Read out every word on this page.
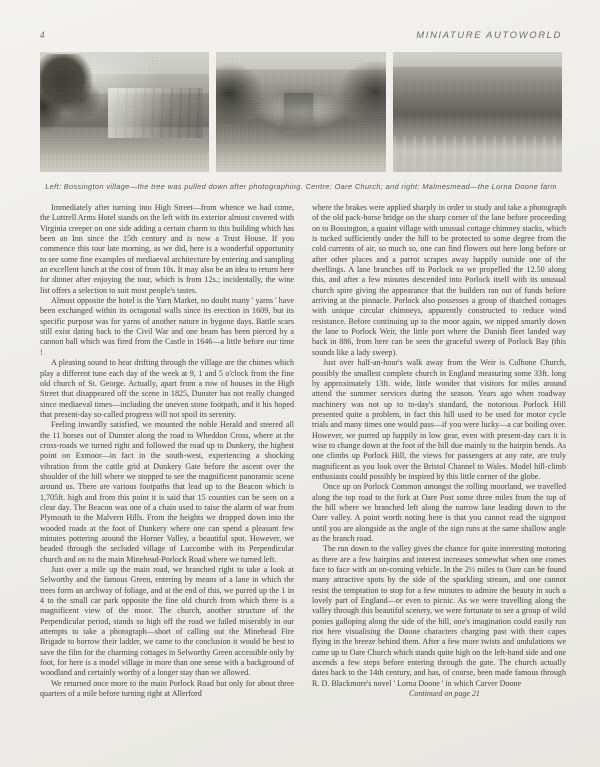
4	MINIATURE AUTOWORLD
Left: Bossington village—the tree was pulled down after photographing. Centre: Oare Church; and right: Malmesmead—the Lorna Doone farm

Immediately after turning into High Street—from whence we had come, the Luttrell Arms Hotel stands on the left with its exterior almost covered with Virginia creeper on one side adding a certain charm to this building which has been an Inn since the 15th century and is now a Trust House. If you commence this tour late morning, as we did, here is a wonderful opportunity to see some fine examples of mediaeval architecture by entering and sampling an excellent lunch at the cost of from 10s. It may also be an idea to return here for dinner after enjoying the tour, which is from 12s.; incidentally, the wine list offers a selection to suit most people's tastes.

Almost opposite the hotel is the Yarn Market, no doubt many ' yarns ' have been exchanged within its octagonal walls since its erection in 1609, but its specific purpose was for yarns of another nature in bygone days. Battle scars still exist dating back to the Civil War and one beam has been pierced by a cannon ball which was fired from the Castle in 1646—a little before our time !

A pleasing sound to hear drifting through the village are the chimes which play a different tune each day of the week at 9, 1 and 5 o'clock from the fine old church of St. George. Actually, apart from a row of houses in the High Street that disappeared off the scene in 1825, Dunster has not really changed since mediaeval times—including the uneven stone footpath, and it his hoped that present-day so-called progress will not spoil its serenity.

Feeling inwardly satisfied, we mounted the noble Herald and steered all the 11 horses out of Dunster along the road to Wheddon Cross, where at the cross-roads we turned right and followed the road up to Dunkery, the highest point on Exmoor—in fact in the south-west, experiencing a shocking vibration from the cattle grid at Dunkery Gate before the ascent over the shoulder of the hill where we stopped to see the magnificent panoramic scene around us. There are various footpaths that lead up to the Beacon which is 1,705ft. high and from this point it is said that 15 counties can be seen on a clear day. The Beacon was one of a chain used to raise the alarm of war from Plymouth to the Malvern Hills. From the heights we dropped down into the wooded roads at the foot of Dunkery where one can spend a pleasant few minutes pottering around the Horner Valley, a beautiful spot. However, we headed through the secluded village of Luccombe with its Perpendicular church and on to the main Minehead-Porlock Road where we turned left.

Just over a mile up the main road, we branched right to take a look at Selworthy and the famous Green, entering by means of a lane in which the trees form an archway of foliage, and at the end of this, we purred up the 1 in 4 to the small car park opposite the fine old church from which there is a magnificent view of the moor. The church, another structure of the Perpendicular period, stands so high off the road we failed miserably in our attempts to take a photograph—short of calling out the Minehead Fire Brigade to borrow their ladder, we came to the conclusion it would be best to save the film for the charming cottages in Selworthy Green accessible only by foot, for here is a model village in more than one sense with a background of woodland and certainly worthy of a longer stay than we allowed.

We returned once more to the main Porlock Road but only for about three quarters of a mile before turning right at Allerford

where the brakes were applied sharply in order to study and take a photograph of the old pack-horse bridge on the sharp corner of the lane before proceeding on to Bossington, a quaint village with unusual cottage chimney stacks, which is tucked sufficiently under the hill to be protected to some degree from the cold currents of air, so much so, one can find flowers out here long before or after other places and a parrot scrapes away happily outside one of the dwellings. A lane branches off to Porlock so we propelled the 12.50 along this, and after a few minutes descended into Porlock itself with its unusual church spire giving the appearance that the builders ran out of funds before arriving at the pinnacle. Porlock also possesses a group of thatched cottages with unique circular chimneys, apparently constructed to reduce wind resistance. Before continuing up to the moor again, we nipped smartly down the lane to Porlock Weir, the little port where the Danish fleet landed way back in 886, from here can be seen the graceful sweep of Porlock Bay (this sounds like a lady sweep).

Just over half-an-hour's walk away from the Weir is Culbone Church, possibly the smallest complete church in England measuring some 33ft. long by approximately 13ft. wide, little wonder that visitors for miles around attend the summer services during the season. Years ago when roadway machinery was not up to to-day's standard, the notorious Porlock Hill presented quite a problem, in fact this hill used to be used for motor cycle trials and many times one would pass—if you were lucky—a car boiling over. However, we purred up happily in low gear, even with present-day cars it is wise to change down at the foot of the hill due mainly to the hairpin bends. As one climbs up Porlock Hill, the views for passengers at any rate, are truly magnificent as you look over the Bristol Channel to Wales. Model hill-climb enthusiasts could possibly be inspired by this little corner of the globe.

Once up on Porlock Common amongst the rolling moorland, we travelled along the top road to the fork at Oare Post some three miles from the top of the hill where we branched left along the narrow lane leading down to the Oare valley. A point worth noting here is that you cannot read the signpost until you are alongside as the angle of the sign runs at the same shallow angle as the branch road.

The run down to the valley gives the chance for quite interesting motoring as there are a few hairpins and interest increases somewhat when one comes face to face with an on-coming vehicle. In the 2½ miles to Oare can be found many attractive spots by the side of the sparkling stream, and one cannot resist the temptation to stop for a few minutes to admire the beauty in such a lovely part of England—or even to picnic. As we were travelling along the valley through this beautiful scenery, we were fortunate to see a group of wild ponies galloping along the side of the hill, one's imagination could easily run riot here visualising the Doone characters charging past with their capes flying in the breeze behind them. After a few more twists and undulations we came up to Oare Church which stands quite high on the left-hand side and one ascends a few steps before entering through the gate. The church actually dates back to the 14th century, and has, of course, been made famous through R. D. Blackmore's novel ' Lorna Doone ' in which Carver Doone

Continued on page 21
